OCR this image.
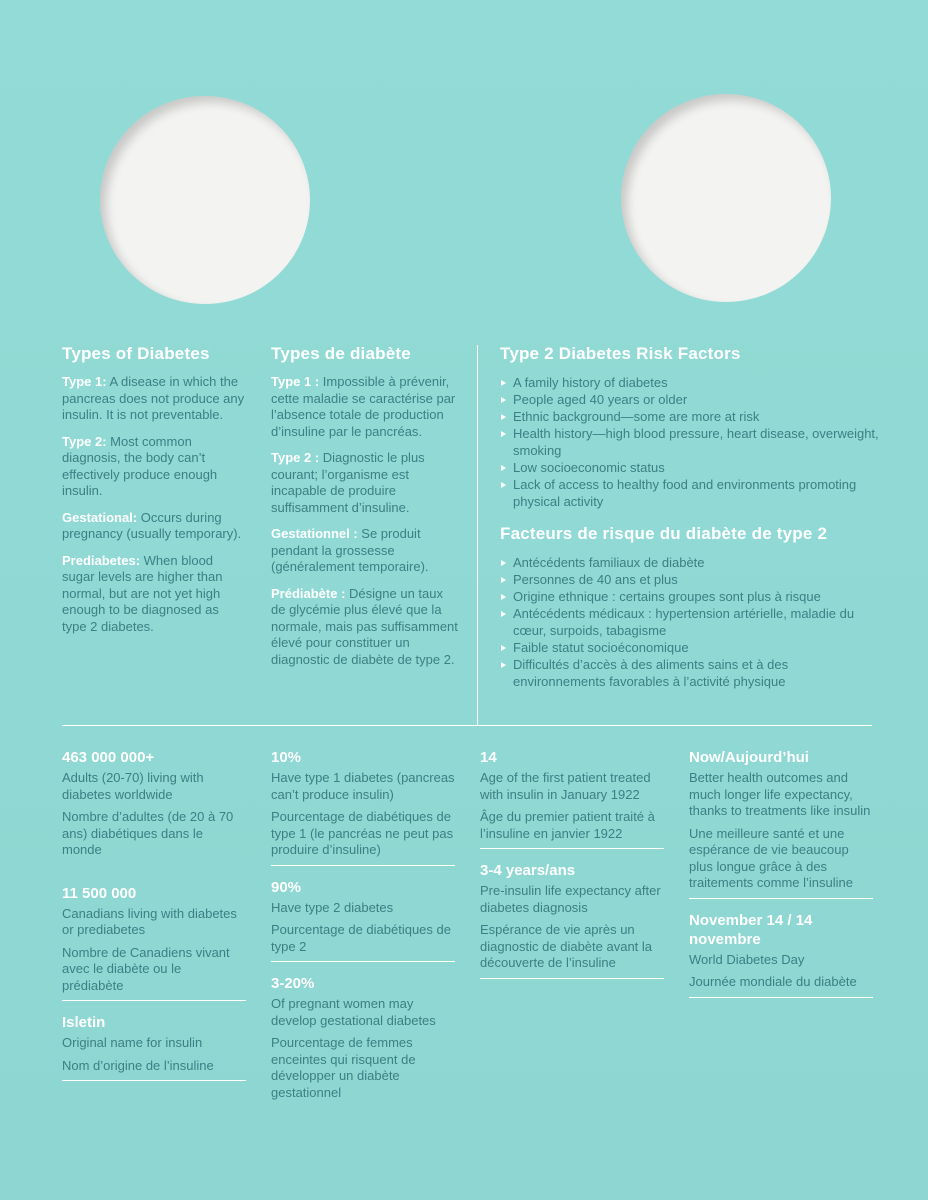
Types of Diabetes

Type 1: A disease in which the pancreas does not produce any insulin. It is not preventable.

Type 2: Most common diagnosis, the body can’t effectively produce enough insulin.

Gestational: Occurs during pregnancy (usually temporary).

Prediabetes: When blood sugar levels are higher than normal, but are not yet high enough to be diagnosed as type 2 diabetes.

Types de diabète

Type 1 : Impossible à prévenir, cette maladie se caractérise par l’absence totale de production d’insuline par le pancréas.

Type 2 : Diagnostic le plus courant; l’organisme est incapable de produire suffisamment d’insuline.

Gestationnel : Se produit pendant la grossesse (généralement temporaire).

Prédiabète : Désigne un taux de glycémie plus élevé que la normale, mais pas suffisamment élevé pour constituer un diagnostic de diabète de type 2.

Type 2 Diabetes Risk Factors
A family history of diabetes
People aged 40 years or older
Ethnic background—some are more at risk
Health history—high blood pressure, heart disease, overweight, smoking
Low socioeconomic status
Lack of access to healthy food and environments promoting physical activity
Facteurs de risque du diabète de type 2
Antécédents familiaux de diabète
Personnes de 40 ans et plus
Origine ethnique : certains groupes sont plus à risque
Antécédents médicaux : hypertension artérielle, maladie du cœur, surpoids, tabagisme
Faible statut socioéconomique
Difficultés d’accès à des aliments sains et à des environnements favorables à l’activité physique

463 000 000+

Adults (20-70) living with diabetes worldwide

Nombre d’adultes (de 20 à 70 ans) diabétiques dans le monde

11 500 000

Canadians living with diabetes or prediabetes

Nombre de Canadiens vivant avec le diabète ou le prédiabète

Isletin

Original name for insulin

Nom d’origine de l’insuline

10%

Have type 1 diabetes (pancreas can’t produce insulin)

Pourcentage de diabétiques de type 1 (le pancréas ne peut pas produire d’insuline)

90%

Have type 2 diabetes

Pourcentage de diabétiques de type 2

3-20%

Of pregnant women may develop gestational diabetes

Pourcentage de femmes enceintes qui risquent de développer un diabète gestationnel

14

Age of the first patient treated with insulin in January 1922

Âge du premier patient traité à l’insuline en janvier 1922

3-4 years/ans

Pre-insulin life expectancy after diabetes diagnosis

Espérance de vie après un diagnostic de diabète avant la découverte de l’insuline

Now/Aujourd’hui

Better health outcomes and much longer life expectancy, thanks to treatments like insulin

Une meilleure santé et une espérance de vie beaucoup plus longue grâce à des traitements comme l’insuline

November 14 / 14 novembre

World Diabetes Day

Journée mondiale du diabète
